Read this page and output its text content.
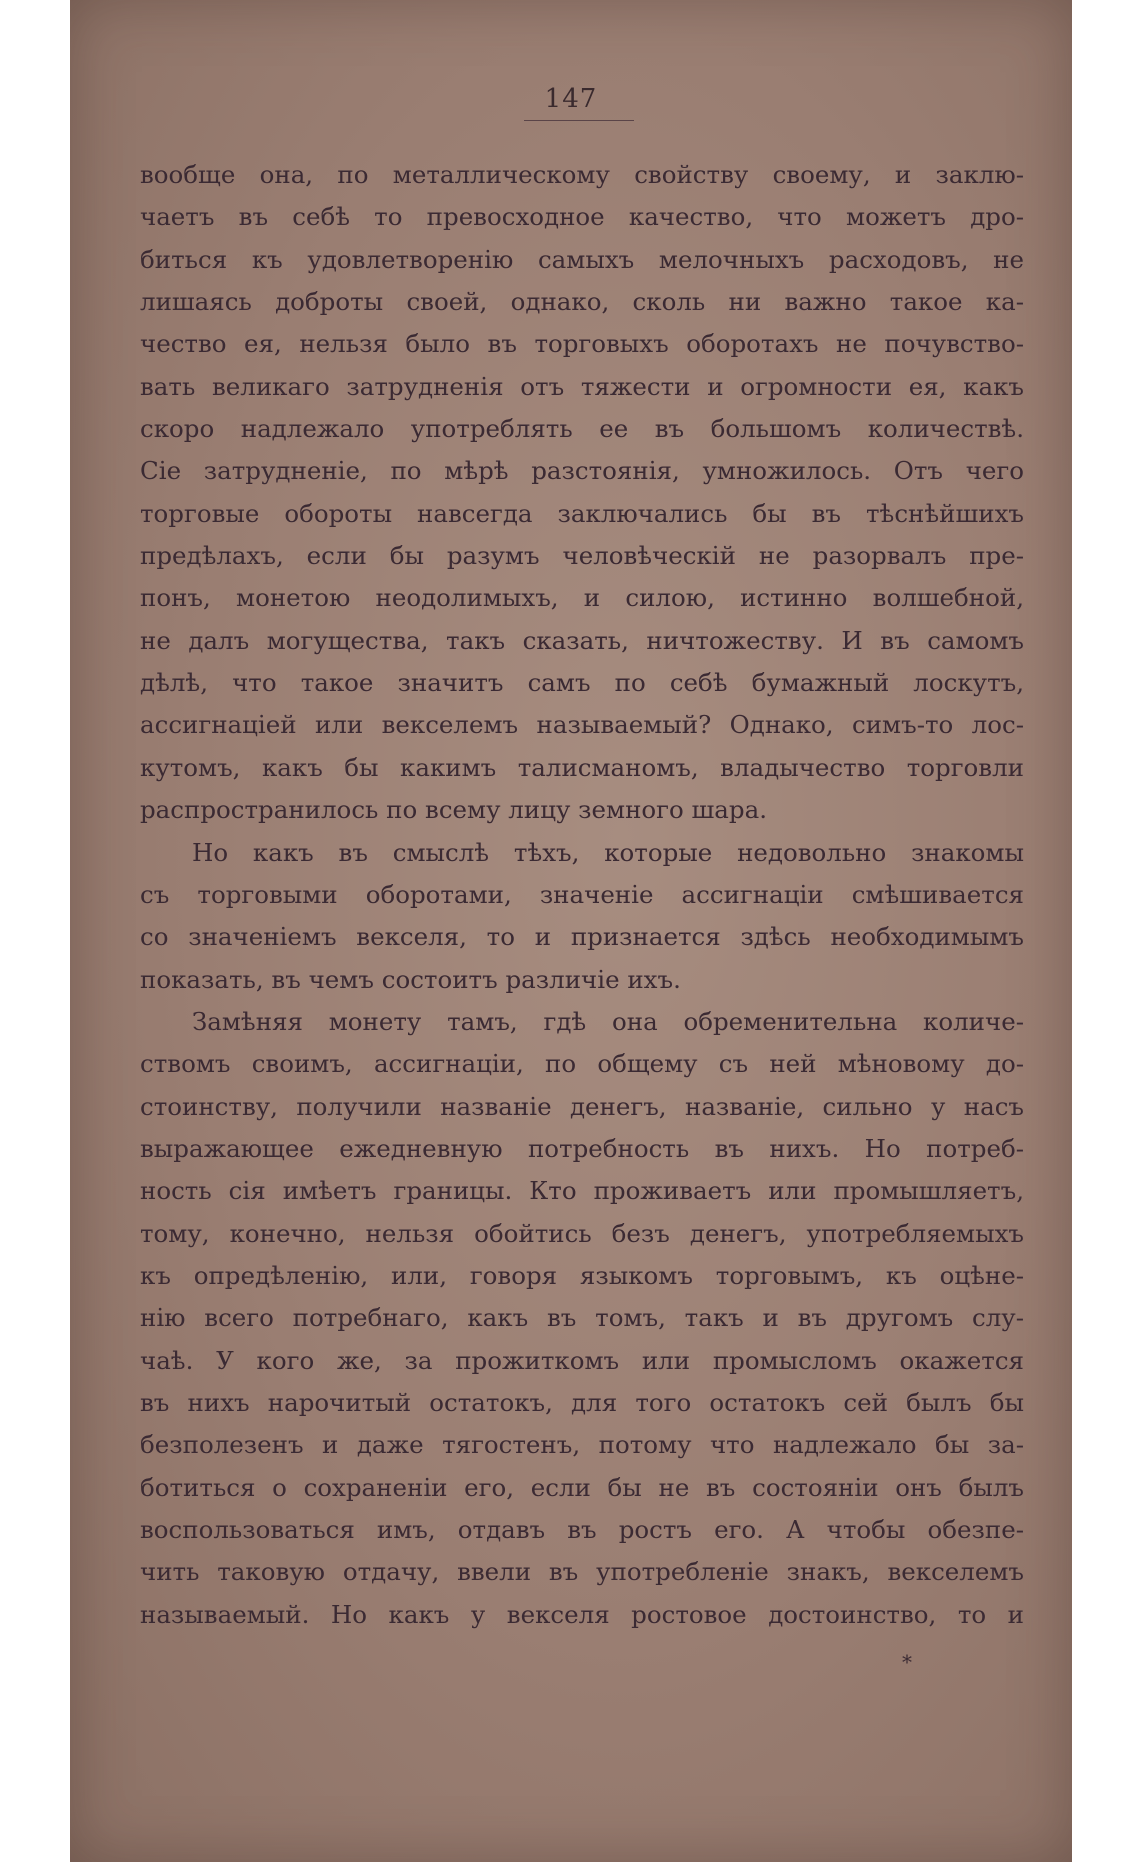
147
вообще она, по металлическому свойству своему, и заклю-
чаетъ въ себѣ то превосходное качество, что можетъ дро-
биться къ удовлетворенію самыхъ мелочныхъ расходовъ, не
лишаясь доброты своей, однако, сколь ни важно такое ка-
чество ея, нельзя было въ торговыхъ оборотахъ не почувство-
вать великаго затрудненія отъ тяжести и огромности ея, какъ
скоро надлежало употреблять ее въ большомъ количествѣ.
Сіе затрудненіе, по мѣрѣ разстоянія, умножилось. Отъ чего
торговые обороты навсегда заключались бы въ тѣснѣйшихъ
предѣлахъ, если бы разумъ человѣческій не разорвалъ пре-
понъ, монетою неодолимыхъ, и силою, истинно волшебной,
не далъ могущества, такъ сказать, ничтожеству. И въ самомъ
дѣлѣ, что такое значитъ самъ по себѣ бумажный лоскутъ,
ассигнаціей или векселемъ называемый? Однако, симъ-то лос-
кутомъ, какъ бы какимъ талисманомъ, владычество торговли
распространилось по всему лицу земного шара.
Но какъ въ смыслѣ тѣхъ, которые недовольно знакомы
съ торговыми оборотами, значеніе ассигнаціи смѣшивается
со значеніемъ векселя, то и признается здѣсь необходимымъ
показать, въ чемъ состоитъ различіе ихъ.
Замѣняя монету тамъ, гдѣ она обременительна количе-
ствомъ своимъ, ассигнаціи, по общему съ ней мѣновому до-
стоинству, получили названіе денегъ, названіе, сильно у насъ
выражающее ежедневную потребность въ нихъ. Но потреб-
ность сія имѣетъ границы. Кто проживаетъ или промышляетъ,
тому, конечно, нельзя обойтись безъ денегъ, употребляемыхъ
къ опредѣленію, или, говоря языкомъ торговымъ, къ оцѣне-
нію всего потребнаго, какъ въ томъ, такъ и въ другомъ слу-
чаѣ. У кого же, за прожиткомъ или промысломъ окажется
въ нихъ нарочитый остатокъ, для того остатокъ сей былъ бы
безполезенъ и даже тягостенъ, потому что надлежало бы за-
ботиться о сохраненіи его, если бы не въ состояніи онъ былъ
воспользоваться имъ, отдавъ въ ростъ его. А чтобы обезпе-
чить таковую отдачу, ввели въ употребленіе знакъ, векселемъ
называемый. Но какъ у векселя ростовое достоинство, то и
*
